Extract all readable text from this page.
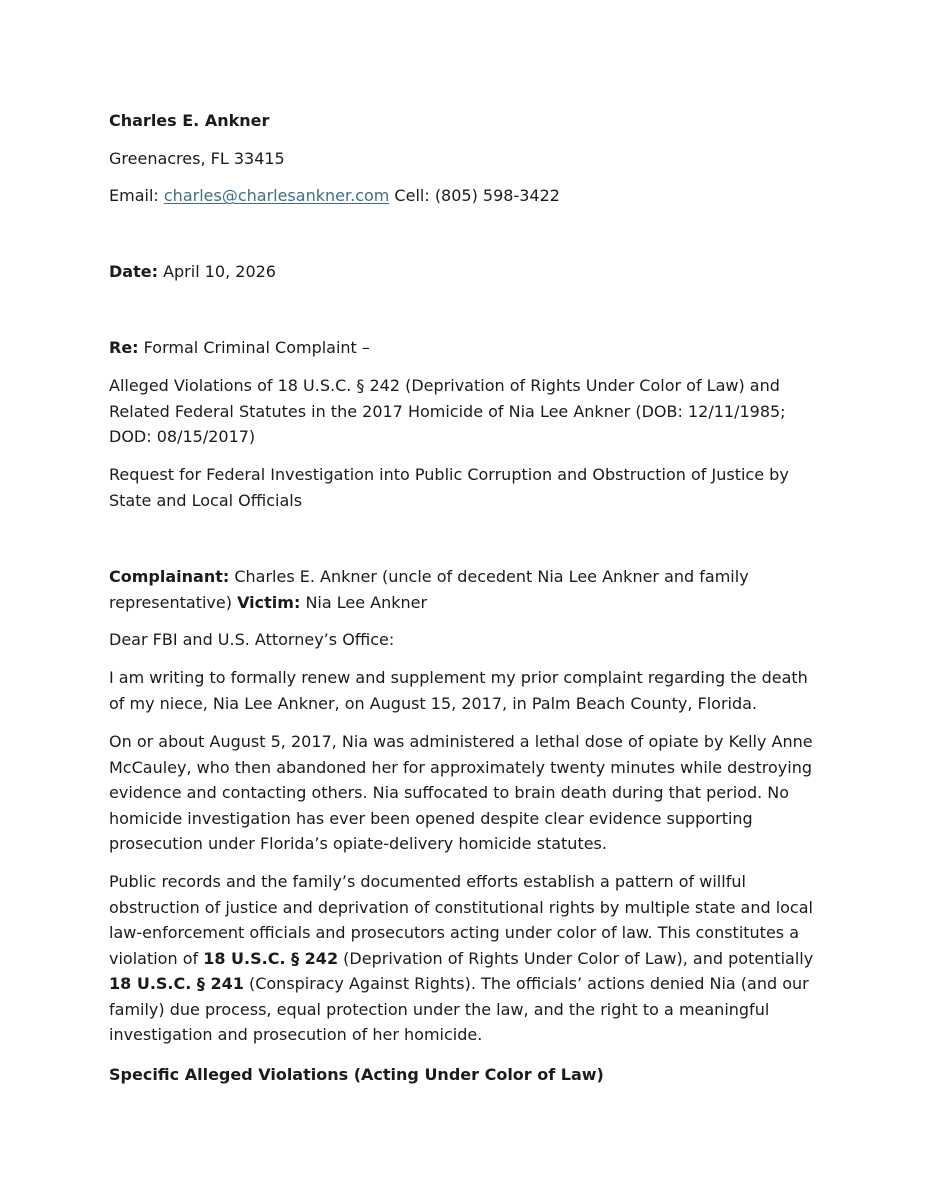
Charles E. Ankner

Greenacres, FL 33415

Email: charles@charlesankner.com Cell: (805) 598-3422

Date: April 10, 2026

Re: Formal Criminal Complaint –

Alleged Violations of 18 U.S.C. § 242 (Deprivation of Rights Under Color of Law) and Related Federal Statutes in the 2017 Homicide of Nia Lee Ankner (DOB: 12/11/1985; DOD: 08/15/2017)

Request for Federal Investigation into Public Corruption and Obstruction of Justice by State and Local Officials

Complainant: Charles E. Ankner (uncle of decedent Nia Lee Ankner and family representative) Victim: Nia Lee Ankner

Dear FBI and U.S. Attorney’s Office:

I am writing to formally renew and supplement my prior complaint regarding the death of my niece, Nia Lee Ankner, on August 15, 2017, in Palm Beach County, Florida.

On or about August 5, 2017, Nia was administered a lethal dose of opiate by Kelly Anne McCauley, who then abandoned her for approximately twenty minutes while destroying evidence and contacting others. Nia suffocated to brain death during that period. No homicide investigation has ever been opened despite clear evidence supporting prosecution under Florida’s opiate-delivery homicide statutes.

Public records and the family’s documented efforts establish a pattern of willful obstruction of justice and deprivation of constitutional rights by multiple state and local law-enforcement officials and prosecutors acting under color of law. This constitutes a violation of 18 U.S.C. § 242 (Deprivation of Rights Under Color of Law), and potentially 18 U.S.C. § 241 (Conspiracy Against Rights). The officials’ actions denied Nia (and our family) due process, equal protection under the law, and the right to a meaningful investigation and prosecution of her homicide.

Specific Alleged Violations (Acting Under Color of Law)
